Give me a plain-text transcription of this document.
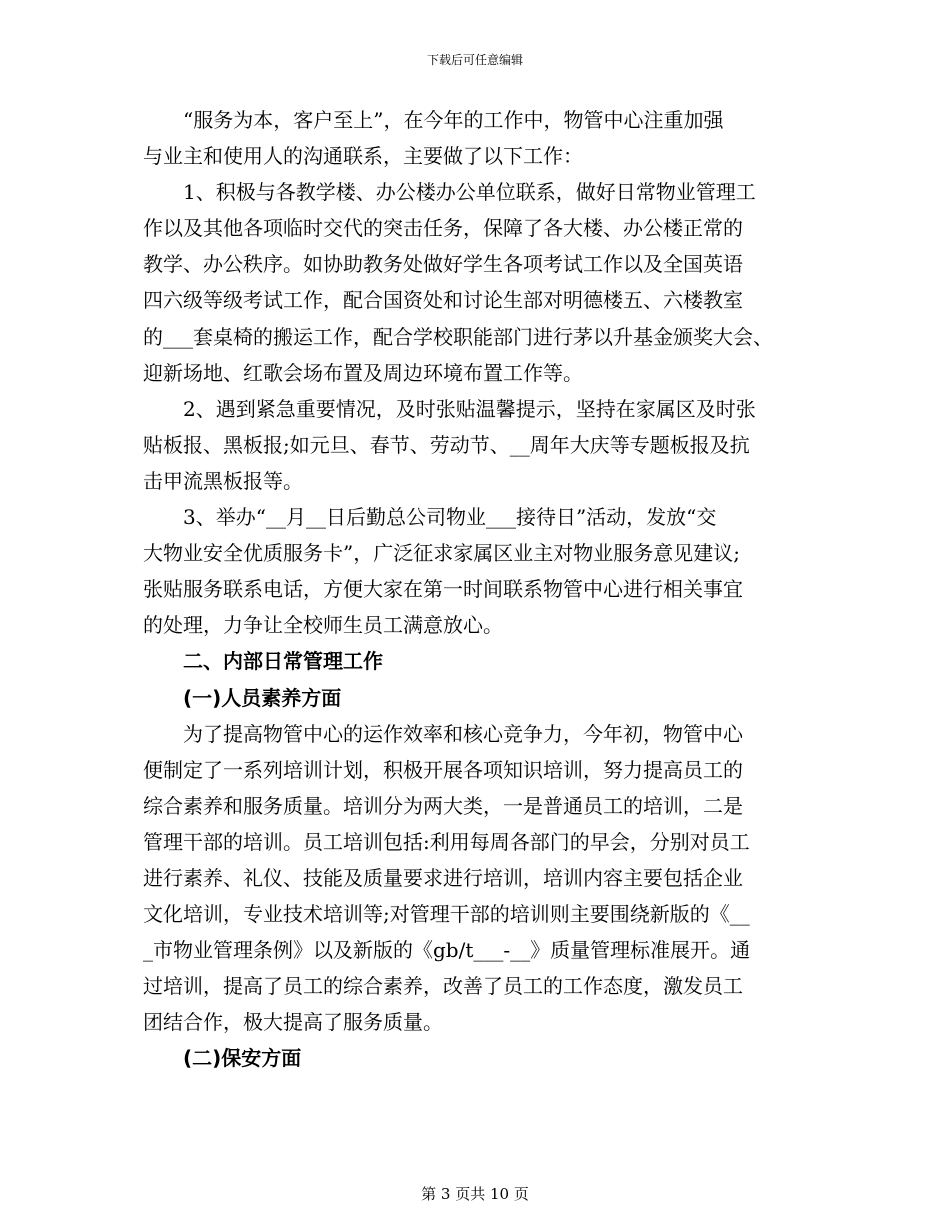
下载后可任意编辑
　　“服务为本，客户至上”，在今年的工作中，物管中心注重加强
与业主和使用人的沟通联系，主要做了以下工作：
　　1、积极与各教学楼、办公楼办公单位联系，做好日常物业管理工
作以及其他各项临时交代的突击任务，保障了各大楼、办公楼正常的
教学、办公秩序。如协助教务处做好学生各项考试工作以及全国英语
四六级等级考试工作，配合国资处和讨论生部对明德楼五、六楼教室
的___套桌椅的搬运工作，配合学校职能部门进行茅以升基金颁奖大会、
迎新场地、红歌会场布置及周边环境布置工作等。
　　2、遇到紧急重要情况，及时张贴温馨提示，坚持在家属区及时张
贴板报、黑板报;如元旦、春节、劳动节、__周年大庆等专题板报及抗
击甲流黑板报等。
　　3、举办“__月__日后勤总公司物业___接待日”活动，发放“交
大物业安全优质服务卡”，广泛征求家属区业主对物业服务意见建议;
张贴服务联系电话，方便大家在第一时间联系物管中心进行相关事宜
的处理，力争让全校师生员工满意放心。
　　二、内部日常管理工作
　　(一)人员素养方面
　　为了提高物管中心的运作效率和核心竞争力，今年初，物管中心
便制定了一系列培训计划，积极开展各项知识培训，努力提高员工的
综合素养和服务质量。培训分为两大类，一是普通员工的培训，二是
管理干部的培训。员工培训包括:利用每周各部门的早会，分别对员工
进行素养、礼仪、技能及质量要求进行培训，培训内容主要包括企业
文化培训，专业技术培训等;对管理干部的培训则主要围绕新版的《__
_市物业管理条例》以及新版的《gb/t___-__》质量管理标准展开。通
过培训，提高了员工的综合素养，改善了员工的工作态度，激发员工
团结合作，极大提高了服务质量。
　　(二)保安方面
第 3 页共 10 页
